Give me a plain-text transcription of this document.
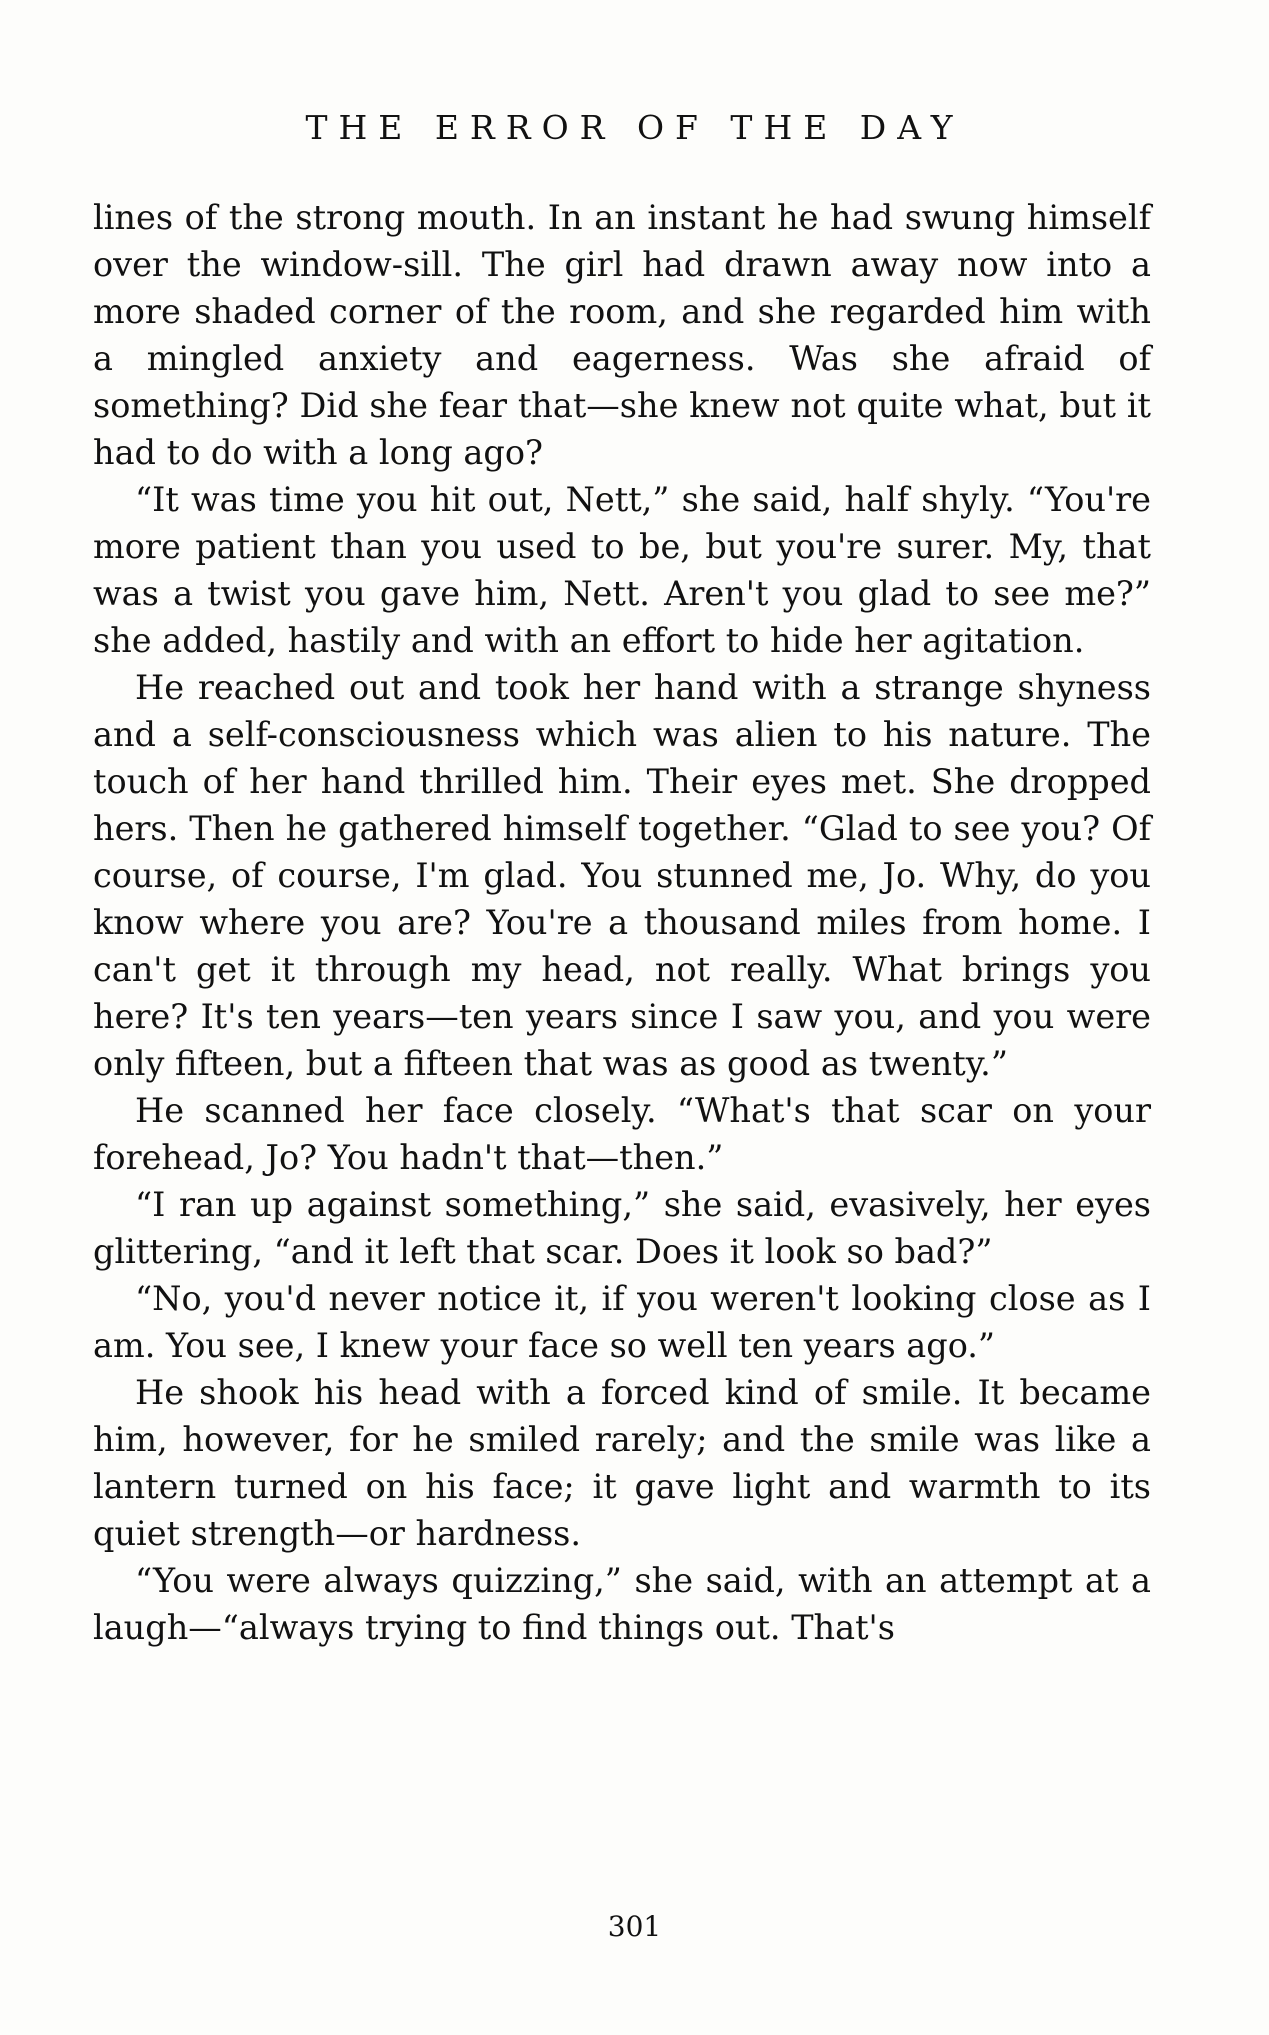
THE ERROR OF THE DAY

lines of the strong mouth. In an instant he had swung himself over the window-sill. The girl had drawn away now into a more shaded corner of the room, and she regarded him with a mingled anxiety and eagerness. Was she afraid of something? Did she fear that—she knew not quite what, but it had to do with a long ago?

“It was time you hit out, Nett,” she said, half shyly. “You're more patient than you used to be, but you're surer. My, that was a twist you gave him, Nett. Aren't you glad to see me?” she added, hastily and with an effort to hide her agitation.

He reached out and took her hand with a strange shyness and a self-consciousness which was alien to his nature. The touch of her hand thrilled him. Their eyes met. She dropped hers. Then he gathered himself together. “Glad to see you? Of course, of course, I'm glad. You stunned me, Jo. Why, do you know where you are? You're a thousand miles from home. I can't get it through my head, not really. What brings you here? It's ten years—ten years since I saw you, and you were only fifteen, but a fifteen that was as good as twenty.”

He scanned her face closely. “What's that scar on your forehead, Jo? You hadn't that—then.”

“I ran up against something,” she said, evasively, her eyes glittering, “and it left that scar. Does it look so bad?”

“No, you'd never notice it, if you weren't looking close as I am. You see, I knew your face so well ten years ago.”

He shook his head with a forced kind of smile. It became him, however, for he smiled rarely; and the smile was like a lantern turned on his face; it gave light and warmth to its quiet strength—or hardness.

“You were always quizzing,” she said, with an attempt at a laugh—“always trying to find things out. That's

301
